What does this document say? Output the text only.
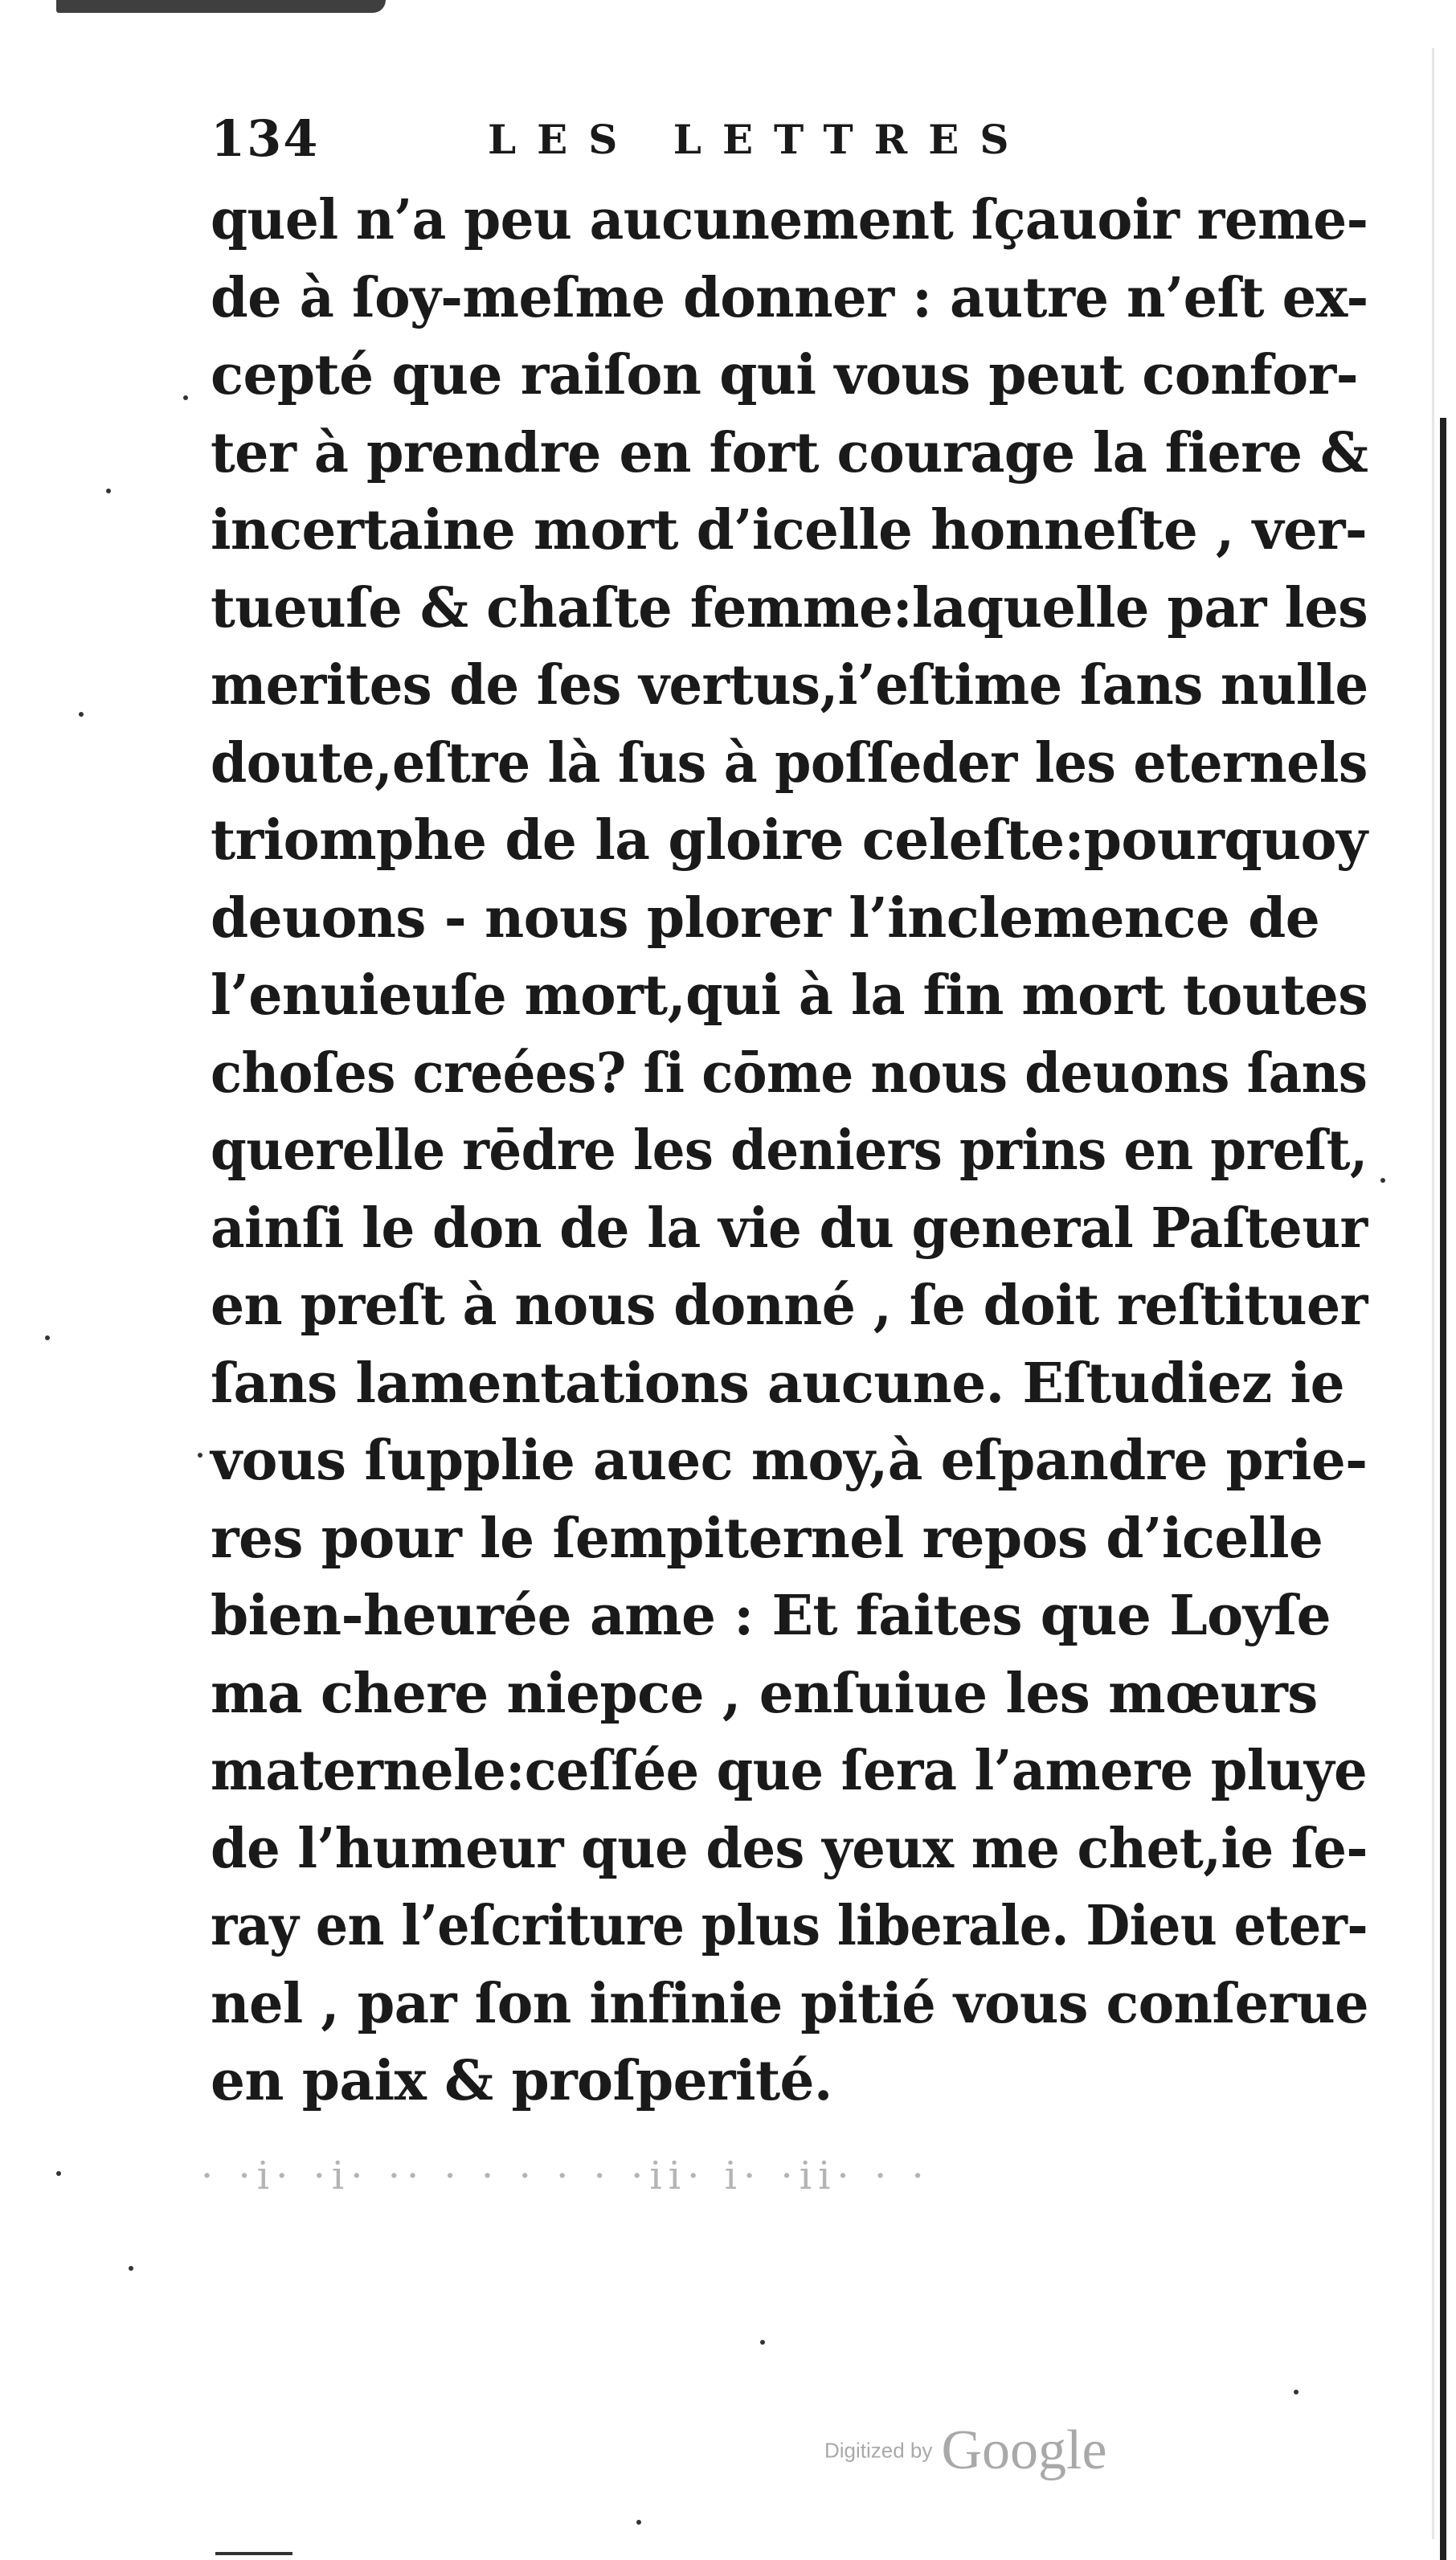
134	LES LETTRES
quel n’a peu aucunement ſçauoir reme-
de à ſoy-meſme donner : autre n’eſt ex-
cepté que raiſon qui vous peut confor-
ter à prendre en fort courage la fiere &
incertaine mort d’icelle honneſte , ver-
tueuſe & chaſte femme:laquelle par les
merites de ſes vertus,i’eſtime ſans nulle
doute,eſtre là ſus à poſſeder les eternels
triomphe de la gloire celeſte:pourquoy
deuons - nous plorer l’inclemence de
l’enuieuſe mort,qui à la fin mort toutes
choſes creées? ſi cōme nous deuons ſans
querelle rēdre les deniers prins en preſt,
ainſi le don de la vie du general Paſteur
en preſt à nous donné , ſe doit reſtituer
ſans lamentations aucune. Eſtudiez ie
vous ſupplie auec moy,à eſpandre prie-
res pour le ſempiternel repos d’icelle
bien-heurée ame : Et faites que Loyſe
ma chere niepce , enſuiue les mœurs
maternele:ceſſée que ſera l’amere pluye
de l’humeur que des yeux me chet,ie ſe-
ray en l’eſcriture plus liberale. Dieu eter-
nel , par ſon infinie pitié vous conſerue
en paix & proſperité.
· ·i· ·i· ·· · · · · · ·ii· i· ·ii· · ·
Digitized by Google
